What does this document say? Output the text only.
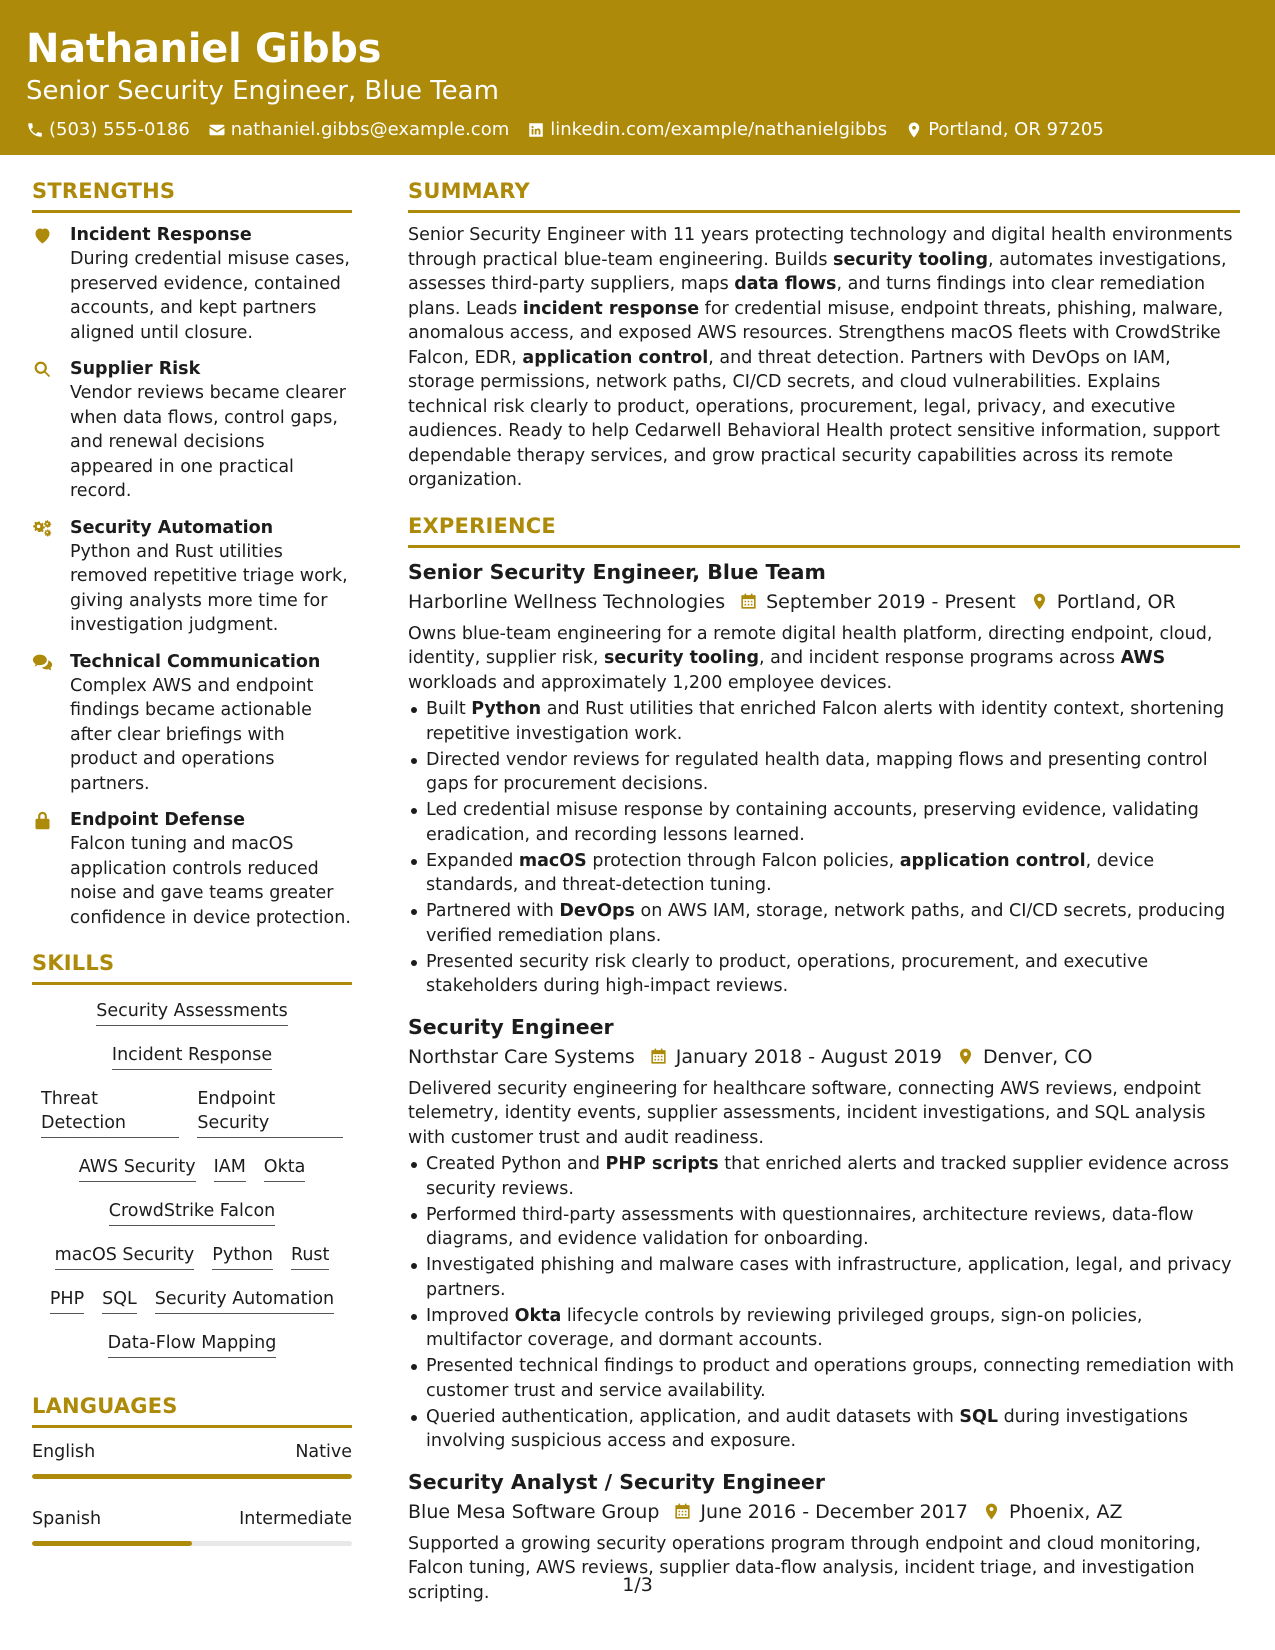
Nathaniel Gibbs
Senior Security Engineer, Blue Team
(503) 555-0186 nathaniel.gibbs@example.com linkedin.com/example/nathanielgibbs Portland, OR 97205
STRENGTHS
Incident Response
During credential misuse cases, preserved evidence, contained accounts, and kept partners aligned until closure.
Supplier Risk
Vendor reviews became clearer when data flows, control gaps, and renewal decisions appeared in one practical record.
Security Automation
Python and Rust utilities removed repetitive triage work, giving analysts more time for investigation judgment.
Technical Communication
Complex AWS and endpoint findings became actionable after clear briefings with product and operations partners.
Endpoint Defense
Falcon tuning and macOS application controls reduced noise and gave teams greater confidence in device protection.
SKILLS
Security Assessments
Incident Response
Threat Detection
Endpoint Security
AWS Security IAM Okta
CrowdStrike Falcon
macOS Security Python Rust
PHP SQL Security Automation
Data-Flow Mapping
LANGUAGES
English	Native
Spanish	Intermediate
SUMMARY
Senior Security Engineer with 11 years protecting technology and digital health environments through practical blue-team engineering. Builds security tooling, automates investigations, assesses third-party suppliers, maps data flows, and turns findings into clear remediation plans. Leads incident response for credential misuse, endpoint threats, phishing, malware, anomalous access, and exposed AWS resources. Strengthens macOS fleets with CrowdStrike Falcon, EDR, application control, and threat detection. Partners with DevOps on IAM, storage permissions, network paths, CI/CD secrets, and cloud vulnerabilities. Explains technical risk clearly to product, operations, procurement, legal, privacy, and executive audiences. Ready to help Cedarwell Behavioral Health protect sensitive information, support dependable therapy services, and grow practical security capabilities across its remote organization.
EXPERIENCE
Senior Security Engineer, Blue Team
Harborline Wellness Technologies September 2019 - Present Portland, OR
Owns blue-team engineering for a remote digital health platform, directing endpoint, cloud, identity, supplier risk, security tooling, and incident response programs across AWS workloads and approximately 1,200 employee devices.
Built Python and Rust utilities that enriched Falcon alerts with identity context, shortening repetitive investigation work.
Directed vendor reviews for regulated health data, mapping flows and presenting control gaps for procurement decisions.
Led credential misuse response by containing accounts, preserving evidence, validating eradication, and recording lessons learned.
Expanded macOS protection through Falcon policies, application control, device standards, and threat-detection tuning.
Partnered with DevOps on AWS IAM, storage, network paths, and CI/CD secrets, producing verified remediation plans.
Presented security risk clearly to product, operations, procurement, and executive stakeholders during high-impact reviews.
Security Engineer
Northstar Care Systems January 2018 - August 2019 Denver, CO
Delivered security engineering for healthcare software, connecting AWS reviews, endpoint telemetry, identity events, supplier assessments, incident investigations, and SQL analysis with customer trust and audit readiness.
Created Python and PHP scripts that enriched alerts and tracked supplier evidence across security reviews.
Performed third-party assessments with questionnaires, architecture reviews, data-flow diagrams, and evidence validation for onboarding.
Investigated phishing and malware cases with infrastructure, application, legal, and privacy partners.
Improved Okta lifecycle controls by reviewing privileged groups, sign-on policies, multifactor coverage, and dormant accounts.
Presented technical findings to product and operations groups, connecting remediation with customer trust and service availability.
Queried authentication, application, and audit datasets with SQL during investigations involving suspicious access and exposure.
Security Analyst / Security Engineer
Blue Mesa Software Group June 2016 - December 2017 Phoenix, AZ
Supported a growing security operations program through endpoint and cloud monitoring, Falcon tuning, AWS reviews, supplier data-flow analysis, incident triage, and investigation scripting.	1/3
